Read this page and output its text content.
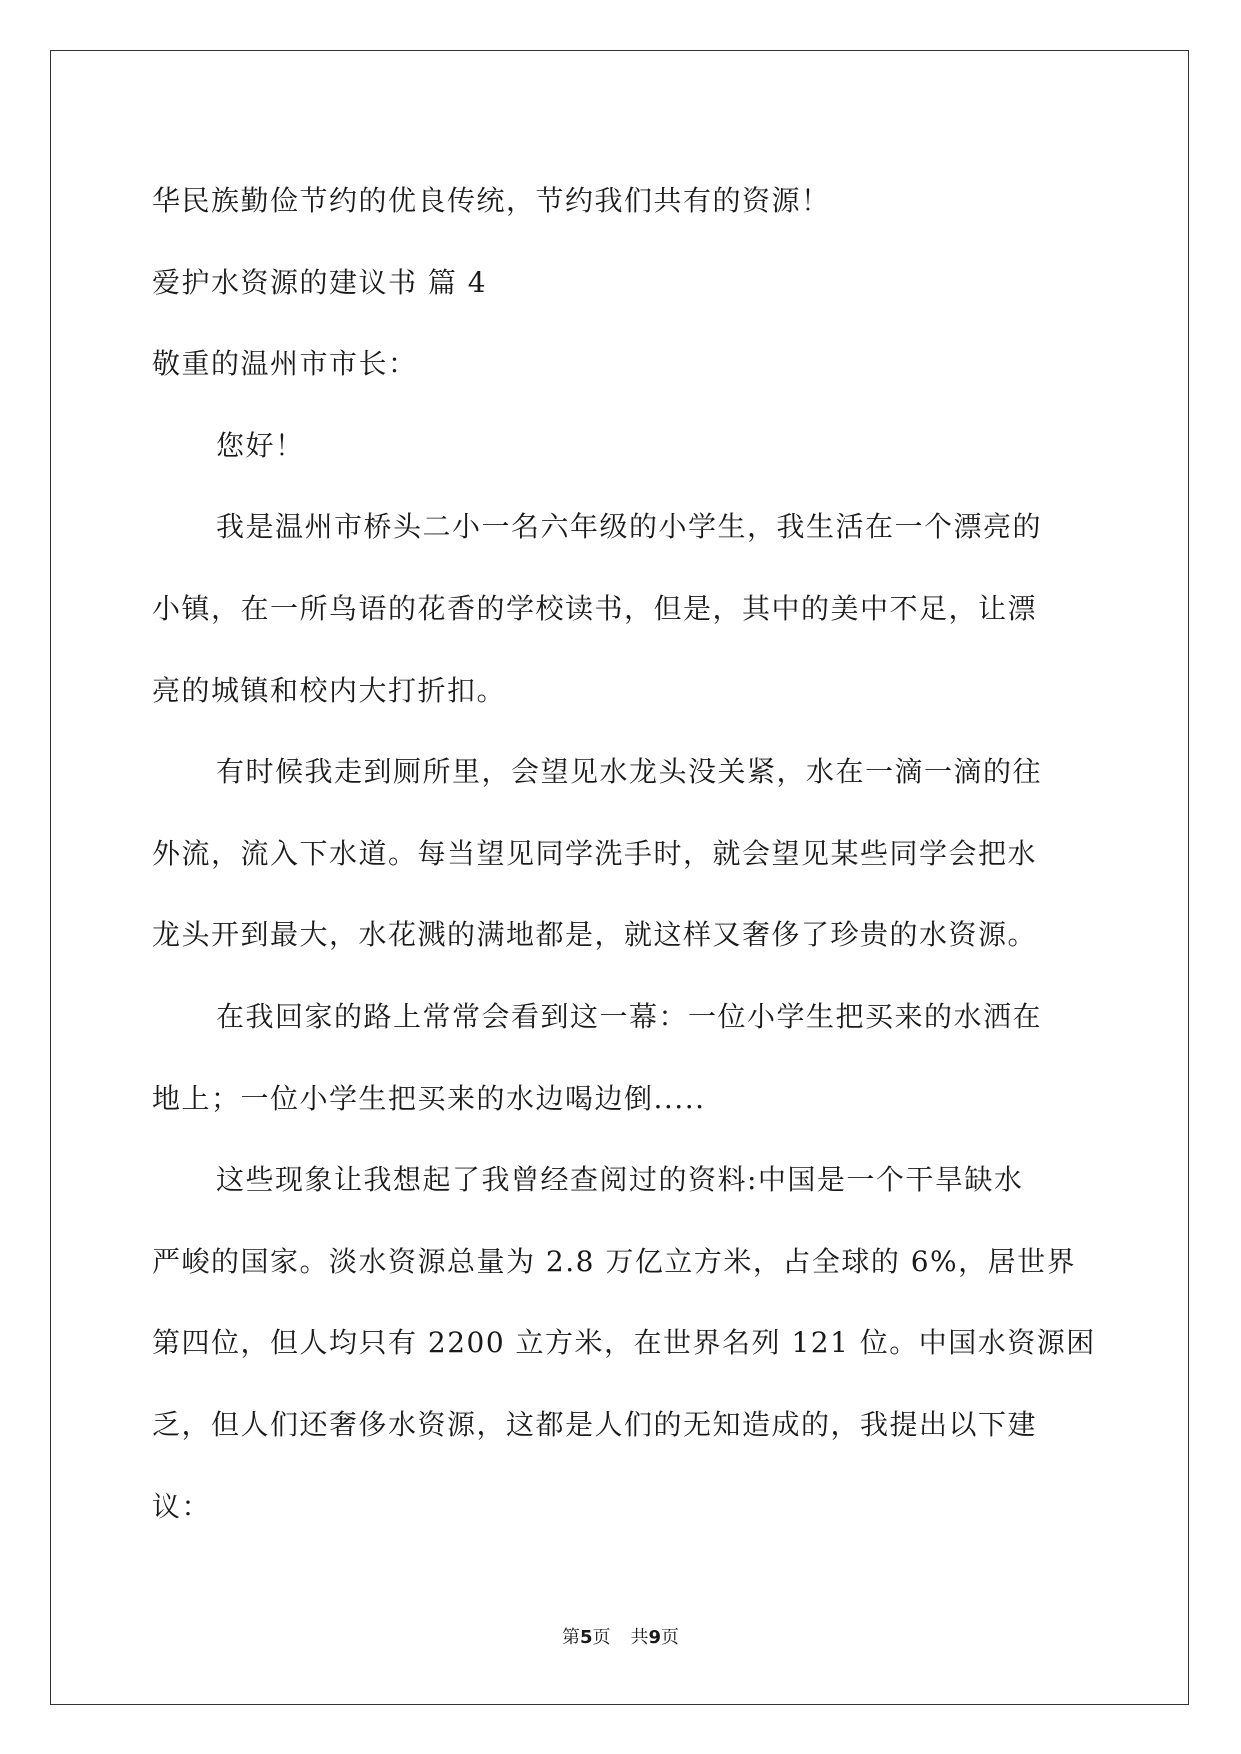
华民族勤俭节约的优良传统，节约我们共有的资源！
爱护水资源的建议书 篇 4
敬重的温州市市长：
您好！
我是温州市桥头二小一名六年级的小学生，我生活在一个漂亮的
小镇，在一所鸟语的花香的学校读书，但是，其中的美中不足，让漂
亮的城镇和校内大打折扣。
有时候我走到厕所里，会望见水龙头没关紧，水在一滴一滴的往
外流，流入下水道。每当望见同学洗手时，就会望见某些同学会把水
龙头开到最大，水花溅的满地都是，就这样又奢侈了珍贵的水资源。
在我回家的路上常常会看到这一幕：一位小学生把买来的水洒在
地上；一位小学生把买来的水边喝边倒.....
这些现象让我想起了我曾经查阅过的资料:中国是一个干旱缺水
严峻的国家。淡水资源总量为 2.8 万亿立方米，占全球的 6%，居世界
第四位，但人均只有 2200 立方米，在世界名列 121 位。中国水资源困
乏，但人们还奢侈水资源，这都是人们的无知造成的，我提出以下建
议：
第5页 共9页
